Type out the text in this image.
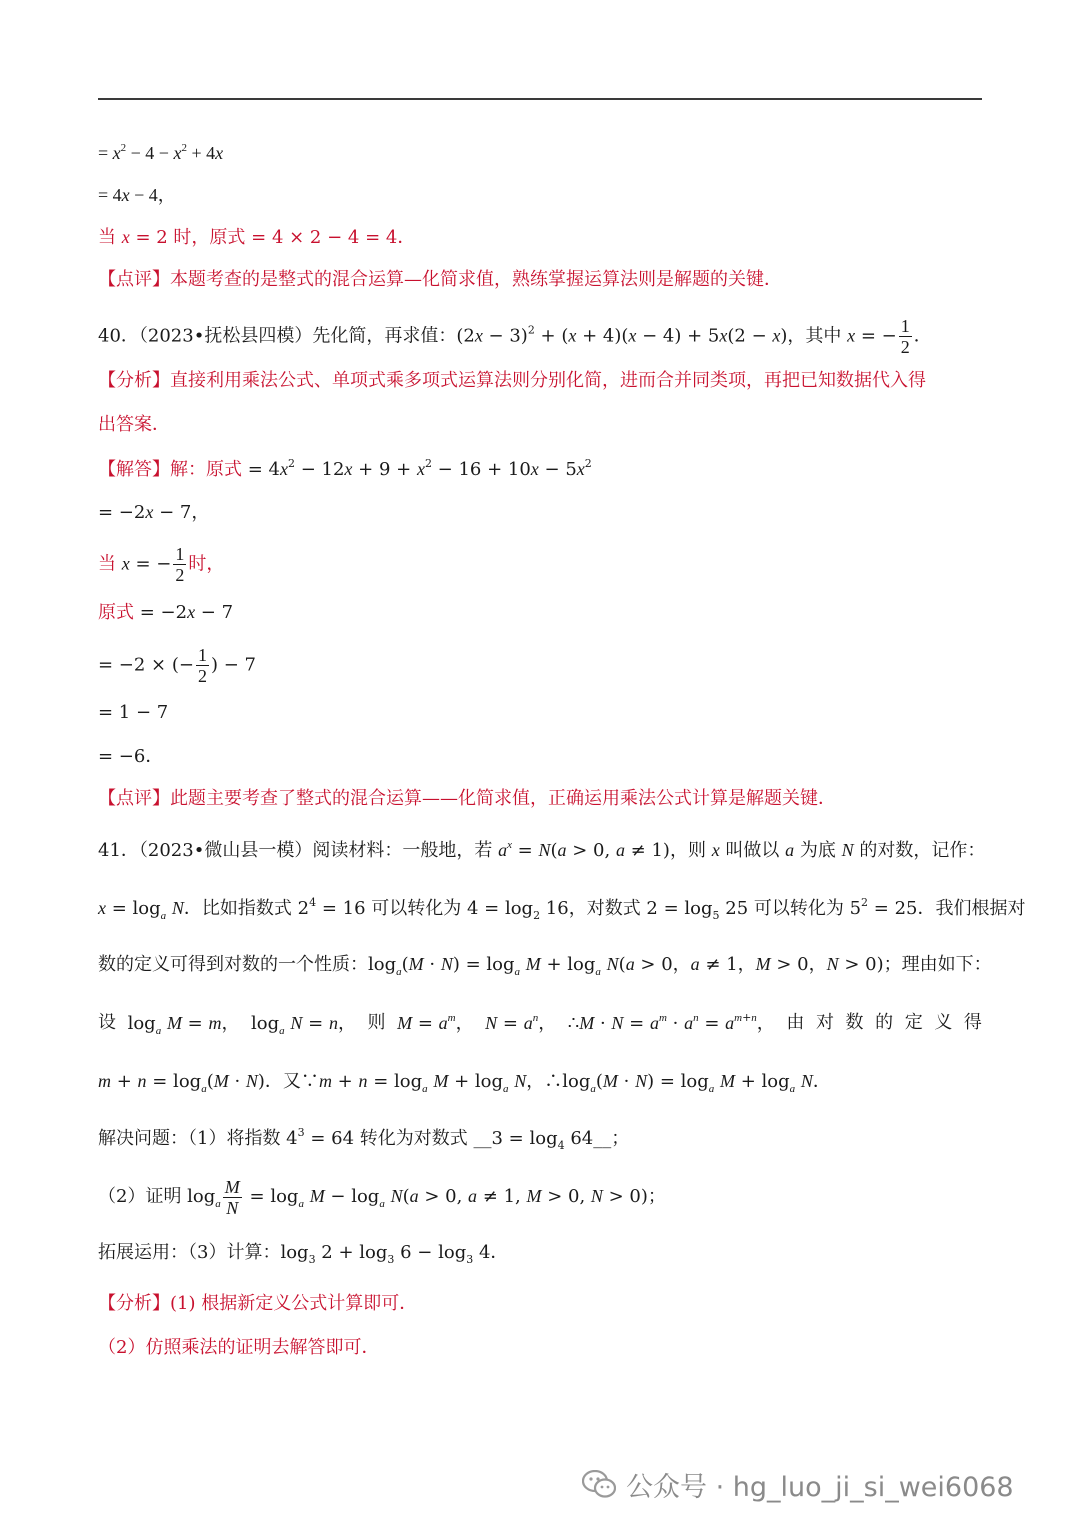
= $x^2 - 4 - x^2 + 4x$
= 4x − 4，
当 x = 2 时，原式 = 4 × 2 − 4 = 4．
【点评】本题考查的是整式的混合运算—化简求值，熟练掌握运算法则是解题的关键．
40．（2023•抚松县四模）先化简，再求值：$(2x - 3)^2 + (x + 4)(x - 4) + 5x(2 - x)$，其中 x = − $\frac{1}{2}$ ．
【分析】直接利用乘法公式、单项式乘多项式运算法则分别化简，进而合并同类项，再把已知数据代入得
出答案．
【解答】解：原式 = $4x^2 - 12x + 9 + x^2 - 16 + 10x - 5x^2$
= −2x − 7，
当 x = − $\frac{1}{2}$ 时，
原式 = −2x − 7
= −2 × (− $\frac{1}{2}$ ) − 7
= 1 − 7
= −6．
【点评】此题主要考查了整式的混合运算——化简求值，正确运用乘法公式计算是解题关键．
41．（2023•微山县一模）阅读材料：一般地，若 $a^x = N(a > 0$, a ≠ 1)，则 x 叫做以 a 为底 N 的对数，记作：
$x = \log_a N$．比如指数式 $2^4 = 16$ 可以转化为 $4 = \log_2 16$，对数式 $2 = \log_5 25$ 可以转化为 $5^2 = 25$．我们根据对
数的定义可得到对数的一个性质：$\log_a(M \cdot N) = \log_a M + \log_a N(a > 0$，a ≠ 1，M > 0，N > 0)；理由如下：
设 $\log_a M = m$， $\log_a N = n$， 则 $M = a^m$， $N = a^n$， ∴M · $N = a^m \cdot a^n = a^{m+n}$， 由 对 数 的 定 义 得
$m + n = \log_a(M \cdot N)$．又∵m + $n = \log_a M + \log_a N$，$\therefore\log_a(M \cdot N) = \log_a M + \log_a N$．
解决问题：（1）将指数 $4^3 = 64$ 转化为对数式 __3 = $\log_4$ 64__；
（2）证明 $\log_a \frac{M}{N} = \log_a M - \log_a N(a > 0$, a ≠ 1, M > 0, N > 0)；
拓展运用：（3）计算：$\log_3 2 + \log_3 6 - \log_3 4$．
【分析】(1) 根据新定义公式计算即可．
（2）仿照乘法的证明去解答即可．
公众号 · hg_luo_ji_si_wei6068
